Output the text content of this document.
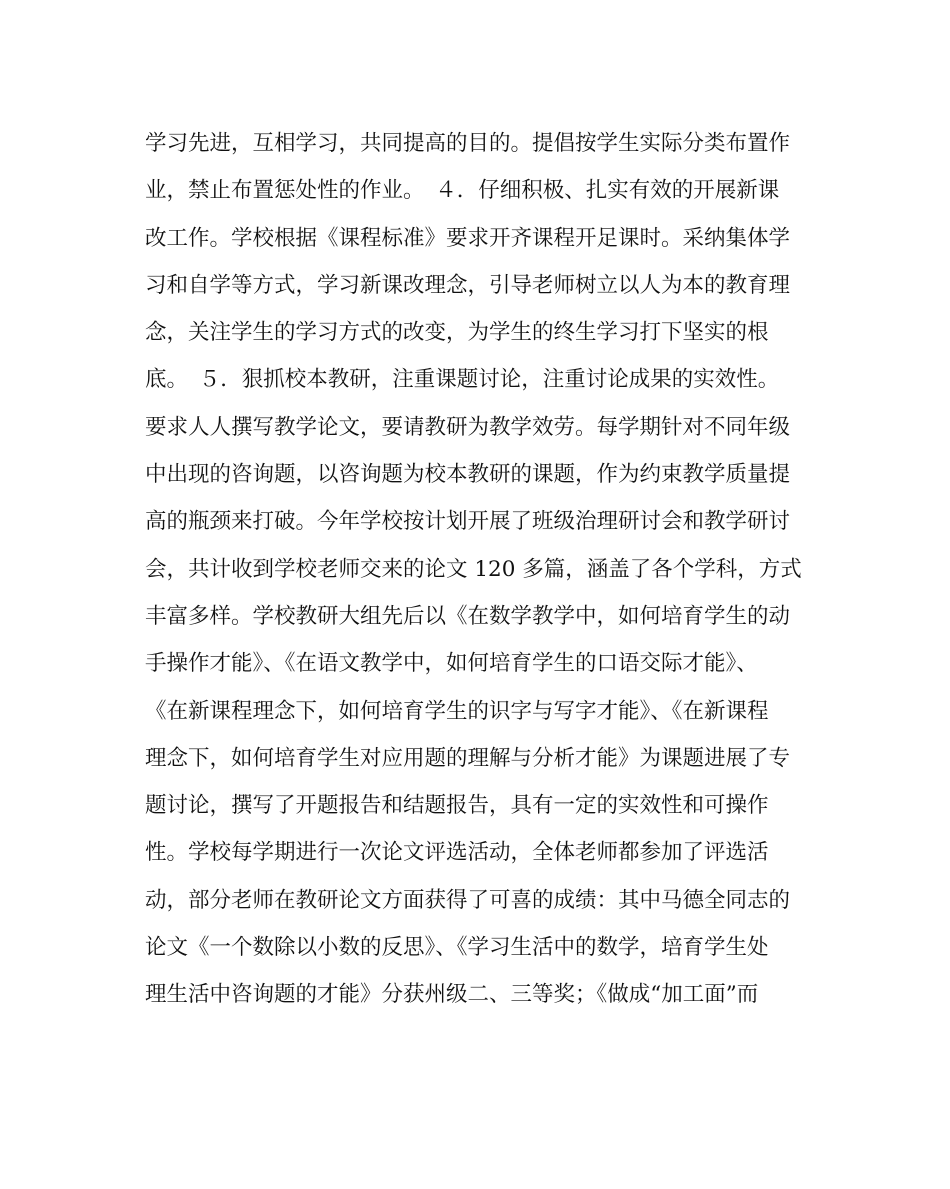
学习先进，互相学习，共同提高的目的。提倡按学生实际分类布置作
业，禁止布置惩处性的作业。　４．仔细积极、扎实有效的开展新课
改工作。学校根据《课程标准》要求开齐课程开足课时。采纳集体学
习和自学等方式，学习新课改理念，引导老师树立以人为本的教育理
念，关注学生的学习方式的改变，为学生的终生学习打下坚实的根
底。　５．狠抓校本教研，注重课题讨论，注重讨论成果的实效性。
要求人人撰写教学论文，要请教研为教学效劳。每学期针对不同年级
中出现的咨询题，以咨询题为校本教研的课题，作为约束教学质量提
高的瓶颈来打破。今年学校按计划开展了班级治理研讨会和教学研讨
会，共计收到学校老师交来的论文 120 多篇，涵盖了各个学科，方式
丰富多样。学校教研大组先后以《在数学教学中，如何培育学生的动
手操作才能》、《在语文教学中，如何培育学生的口语交际才能》、
《在新课程理念下，如何培育学生的识字与写字才能》、《在新课程
理念下，如何培育学生对应用题的理解与分析才能》为课题进展了专
题讨论，撰写了开题报告和结题报告，具有一定的实效性和可操作
性。学校每学期进行一次论文评选活动，全体老师都参加了评选活
动，部分老师在教研论文方面获得了可喜的成绩：其中马德全同志的
论文《一个数除以小数的反思》、《学习生活中的数学，培育学生处
理生活中咨询题的才能》分获州级二、三等奖；《做成“加工面”而
